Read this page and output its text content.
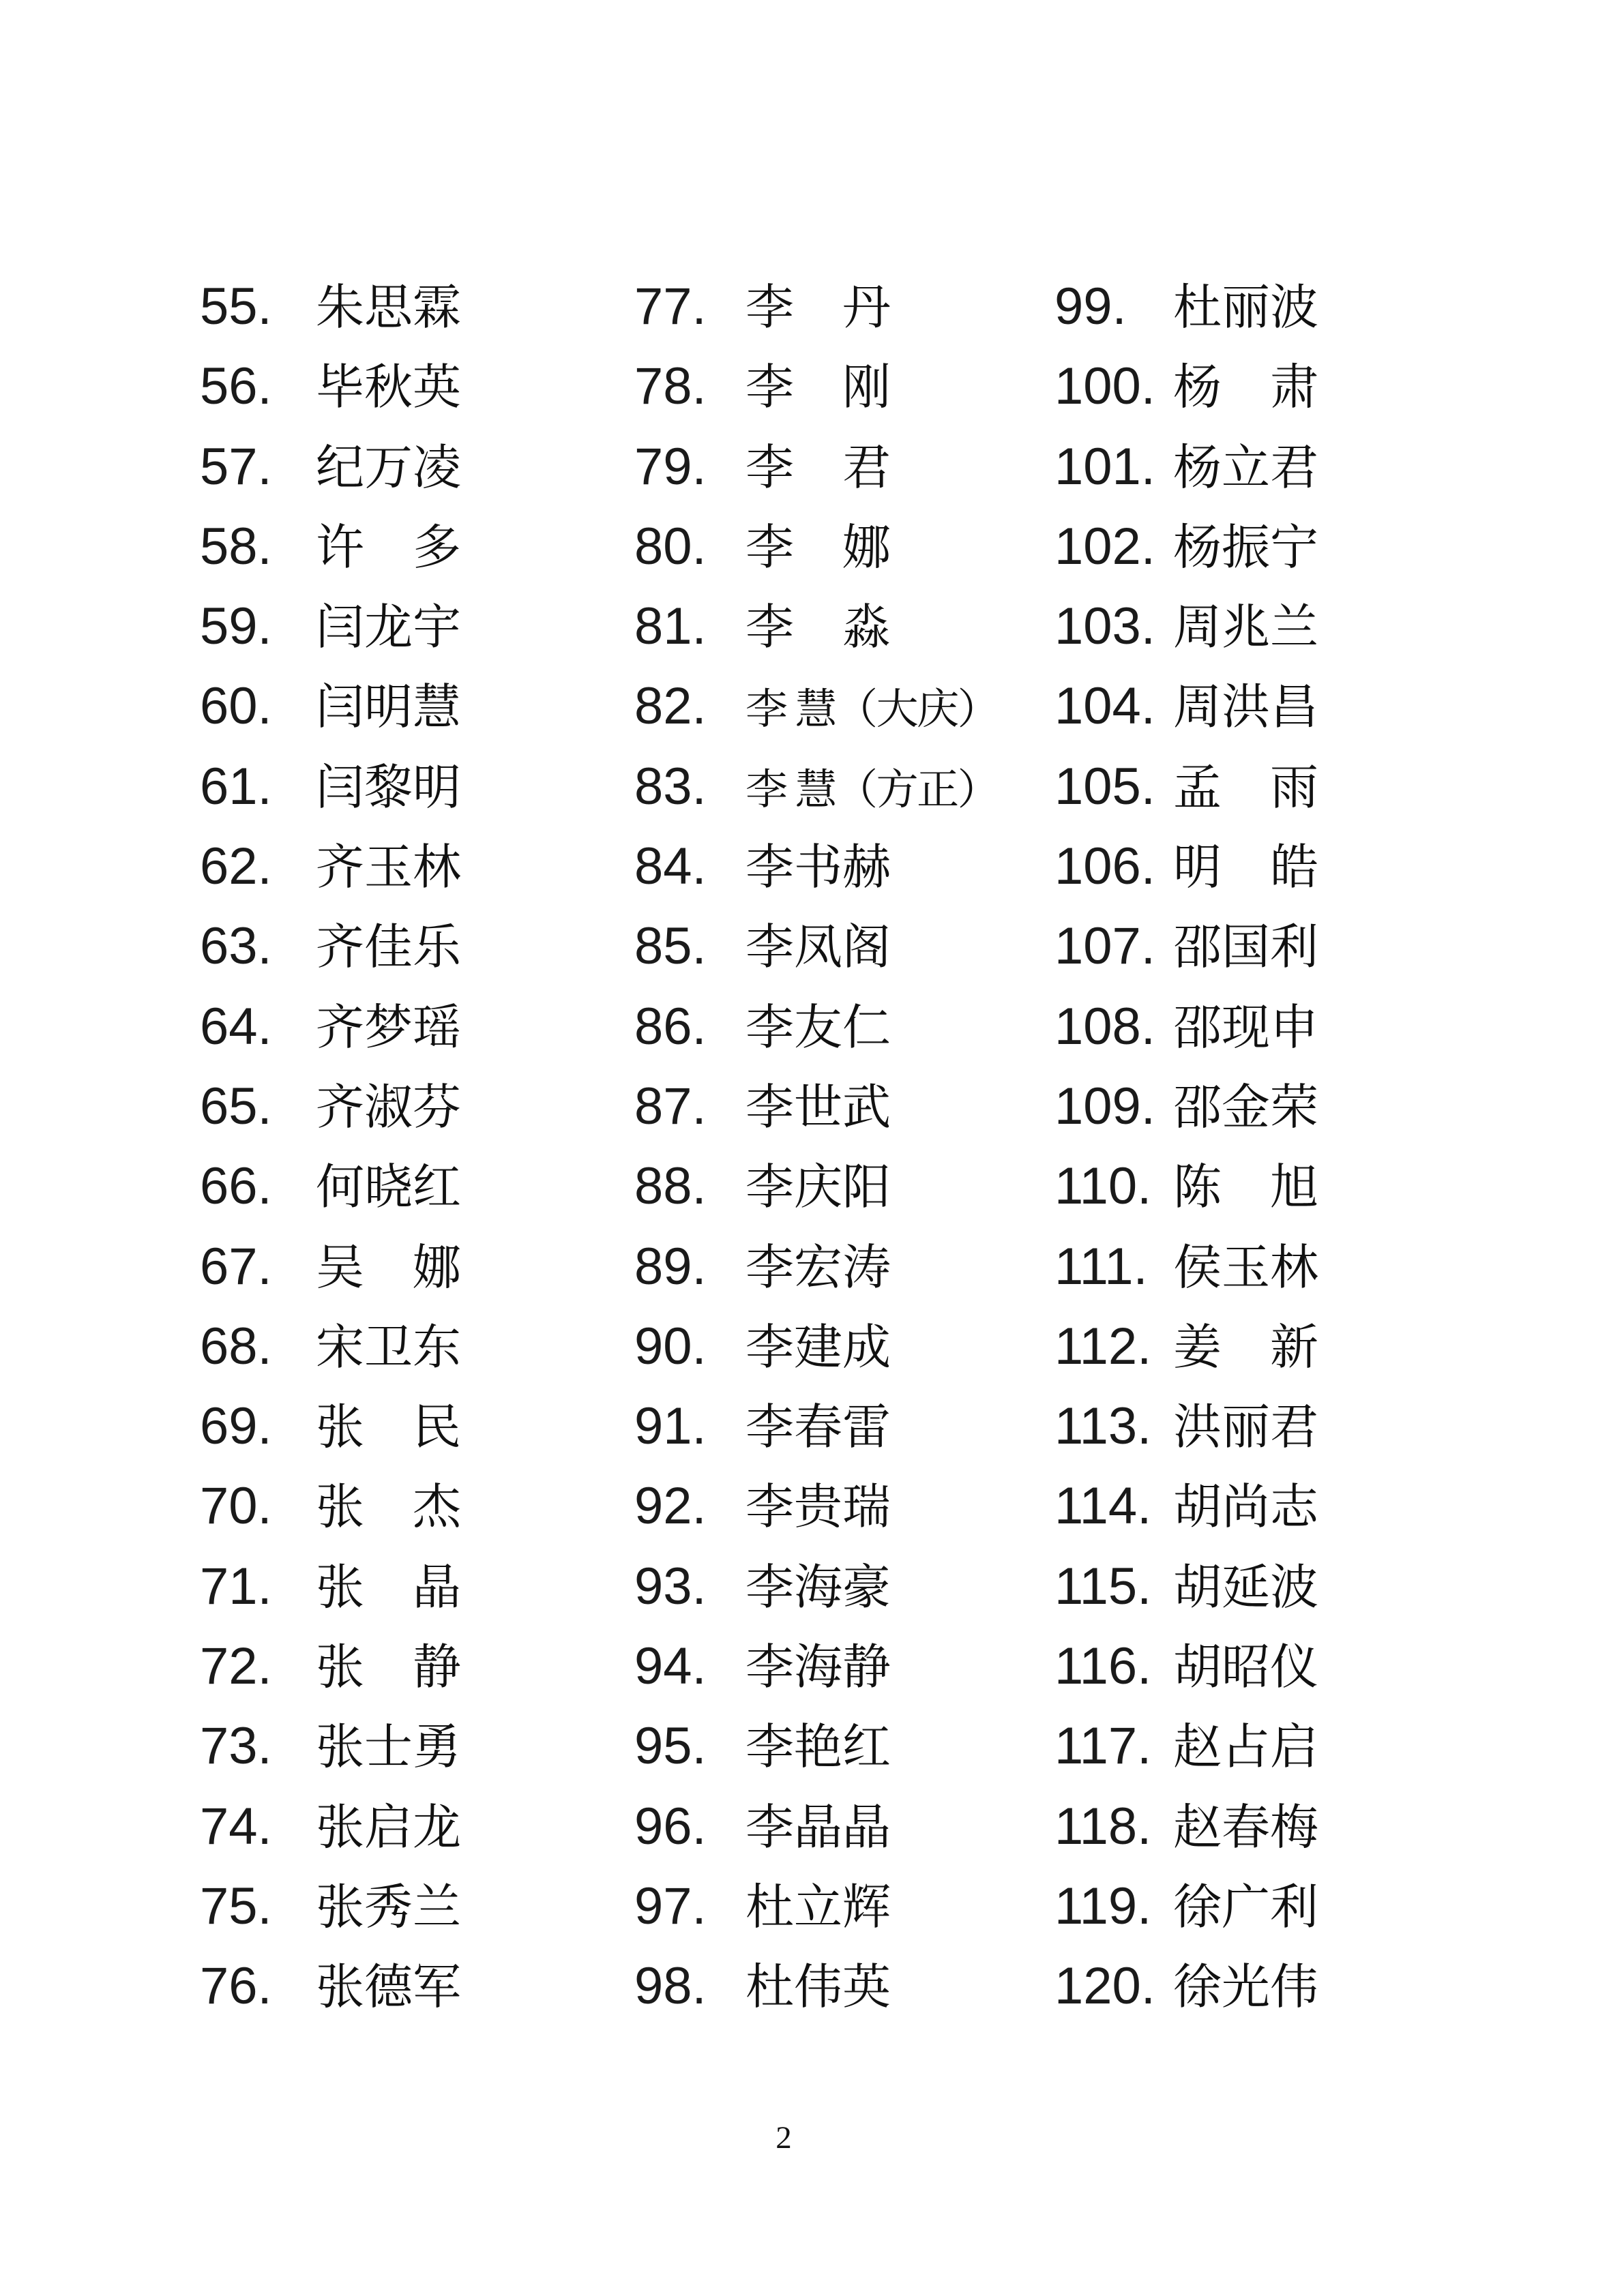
55. 朱思霖
56. 毕秋英
57. 纪万凌
58. 许　多
59. 闫龙宇
60. 闫明慧
61. 闫黎明
62. 齐玉林
63. 齐佳乐
64. 齐梦瑶
65. 齐淑芬
66. 何晓红
67. 吴　娜
68. 宋卫东
69. 张　民
70. 张　杰
71. 张　晶
72. 张　静
73. 张士勇
74. 张启龙
75. 张秀兰
76. 张德军
77. 李　丹
78. 李　刚
79. 李　君
80. 李　娜
81. 李　淼
82. 李 慧（大庆）
83. 李 慧（方正）
84. 李书赫
85. 李凤阁
86. 李友仁
87. 李世武
88. 李庆阳
89. 李宏涛
90. 李建成
91. 李春雷
92. 李贵瑞
93. 李海豪
94. 李海静
95. 李艳红
96. 李晶晶
97. 杜立辉
98. 杜伟英
99. 杜丽波
100. 杨　肃
101. 杨立君
102. 杨振宁
103. 周兆兰
104. 周洪昌
105. 孟　雨
106. 明　皓
107. 邵国利
108. 邵现申
109. 邵金荣
110. 陈　旭
111. 侯玉林
112. 姜　新
113. 洪丽君
114. 胡尚志
115. 胡延波
116. 胡昭仪
117. 赵占启
118. 赵春梅
119. 徐广利
120. 徐光伟
2
